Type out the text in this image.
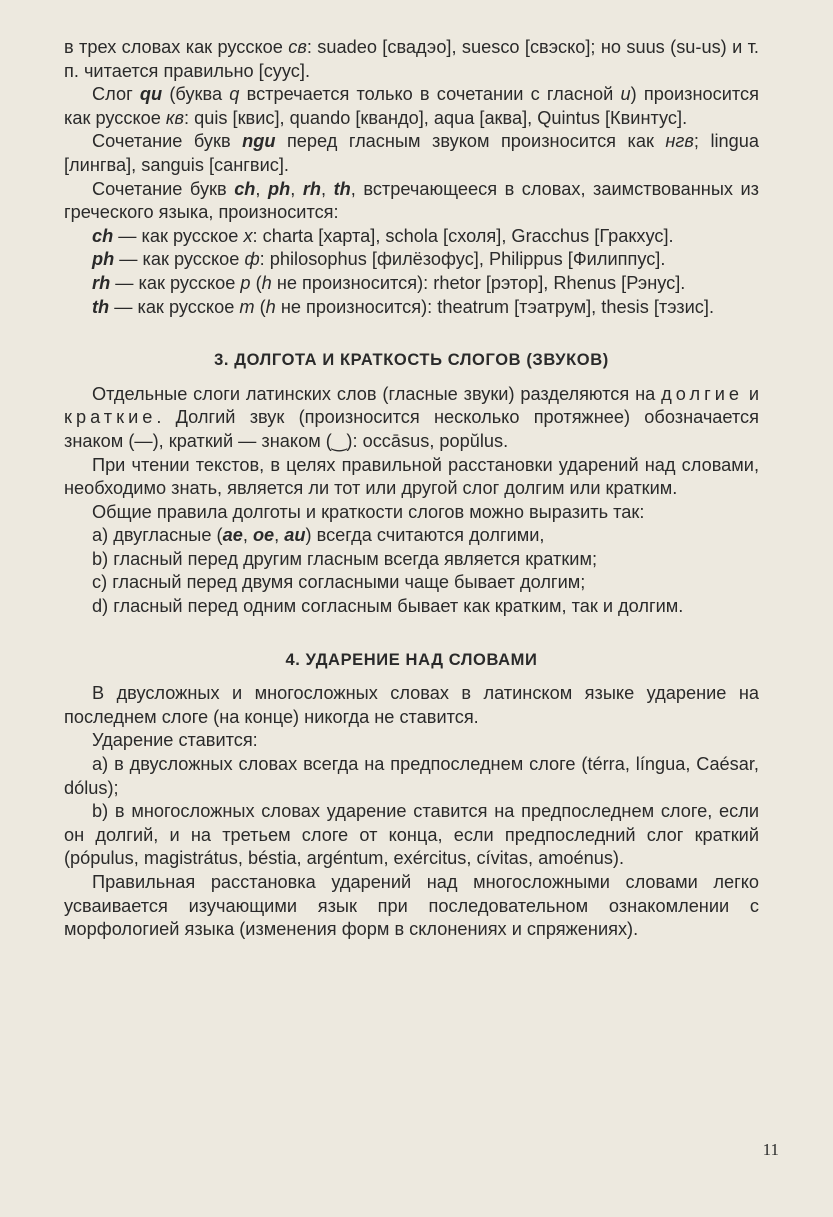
в трех словах как русское св: suadeo [свадэо], suesco [свэско]; но suus (su-us) и т. п. читается правильно [суус].

Слог qu (буква q встречается только в сочетании с гласной u) произносится как русское кв: quis [квис], quando [квандо], aqua [аква], Quintus [Квинтус].

Сочетание букв ngu перед гласным звуком произносится как нгв; lingua [лингва], sanguis [сангвис].

Сочетание букв ch, ph, rh, th, встречающееся в словах, заимствованных из греческого языка, произносится:

ch — как русское х: charta [харта], schola [схоля], Gracchus [Гракхус].

ph — как русское ф: philosophus [филёзофус], Philippus [Филиппус].

rh — как русское р (h не произносится): rhetor [рэтор], Rhenus [Рэнус].

th — как русское т (h не произносится): theatrum [тэатрум], thesis [тэзис].

3. ДОЛГОТА И КРАТКОСТЬ СЛОГОВ (ЗВУКОВ)

Отдельные слоги латинских слов (гласные звуки) разделяются на долгие и краткие. Долгий звук (произносится несколько протяжнее) обозначается знаком (—), краткий — знаком (‿): occāsus, popŭlus.

При чтении текстов, в целях правильной расстановки ударений над словами, необходимо знать, является ли тот или другой слог долгим или кратким.

Общие правила долготы и краткости слогов можно выразить так:

а) двугласные (ae, oe, au) всегда считаются долгими,

b) гласный перед другим гласным всегда является кратким;

c) гласный перед двумя согласными чаще бывает долгим;

d) гласный перед одним согласным бывает как кратким, так и долгим.

4. УДАРЕНИЕ НАД СЛОВАМИ

В двусложных и многосложных словах в латинском языке ударение на последнем слоге (на конце) никогда не ставится.

Ударение ставится:

а) в двусложных словах всегда на предпоследнем слоге (térra, língua, Caésar, dólus);

b) в многосложных словах ударение ставится на предпоследнем слоге, если он долгий, и на третьем слоге от конца, если предпоследний слог краткий (pópulus, magistrátus, béstia, argéntum, exércitus, cívitas, amoénus).

Правильная расстановка ударений над многосложными словами легко усваивается изучающими язык при последовательном ознакомлении с морфологией языка (изменения форм в склонениях и спряжениях).

11
